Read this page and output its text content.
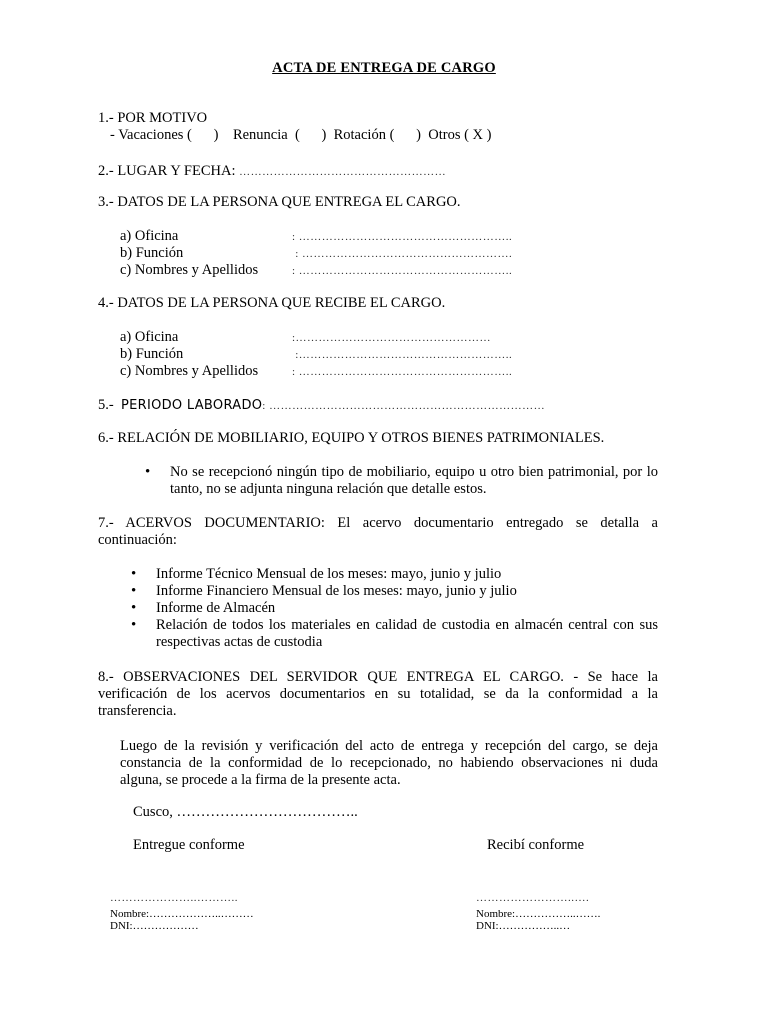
ACTA DE ENTREGA DE CARGO
1.- POR MOTIVO
- Vacaciones (      )    Renuncia  (      )  Rotación (      )  Otros ( X )
2.- LUGAR Y FECHA: ………………………………………………
3.- DATOS DE LA PERSONA QUE ENTREGA EL CARGO.
a) Oficina	: ………………………………………………..
b) Función	: ……………………………………………….
c) Nombres y Apellidos	: ………………………………………………..
4.- DATOS DE LA PERSONA QUE RECIBE EL CARGO.
a) Oficina	:……………………………………………
b) Función	:………………………………………………..
c) Nombres y Apellidos	: ………………………………………………..
5.-  PERIODO LABORADO: ………………………………………………………………
6.- RELACIÓN DE MOBILIARIO, EQUIPO Y OTROS BIENES PATRIMONIALES.
• No se recepcionó ningún tipo de mobiliario, equipo u otro bien patrimonial, por lo tanto, no se adjunta ninguna relación que detalle estos.
7.- ACERVOS DOCUMENTARIO: El acervo documentario entregado se detalla a continuación:
• Informe Técnico Mensual de los meses: mayo, junio y julio
• Informe Financiero Mensual de los meses: mayo, junio y julio
• Informe de Almacén
• Relación de todos los materiales en calidad de custodia en almacén central con sus respectivas actas de custodia
8.- OBSERVACIONES DEL SERVIDOR QUE ENTREGA EL CARGO. - Se hace la verificación de los acervos documentarios en su totalidad, se da la conformidad a la transferencia.
Luego de la revisión y verificación del acto de entrega y recepción del cargo, se deja constancia de la conformidad de lo recepcionado, no habiendo observaciones ni duda alguna, se procede a la firma de la presente acta.
Cusco, ………………………………..
Entregue conforme	Recibí conforme
…………………..………..
Nombre:………………..………
DNI:………………
……………………..….
Nombre:……………..…….
DNI:……………..…
